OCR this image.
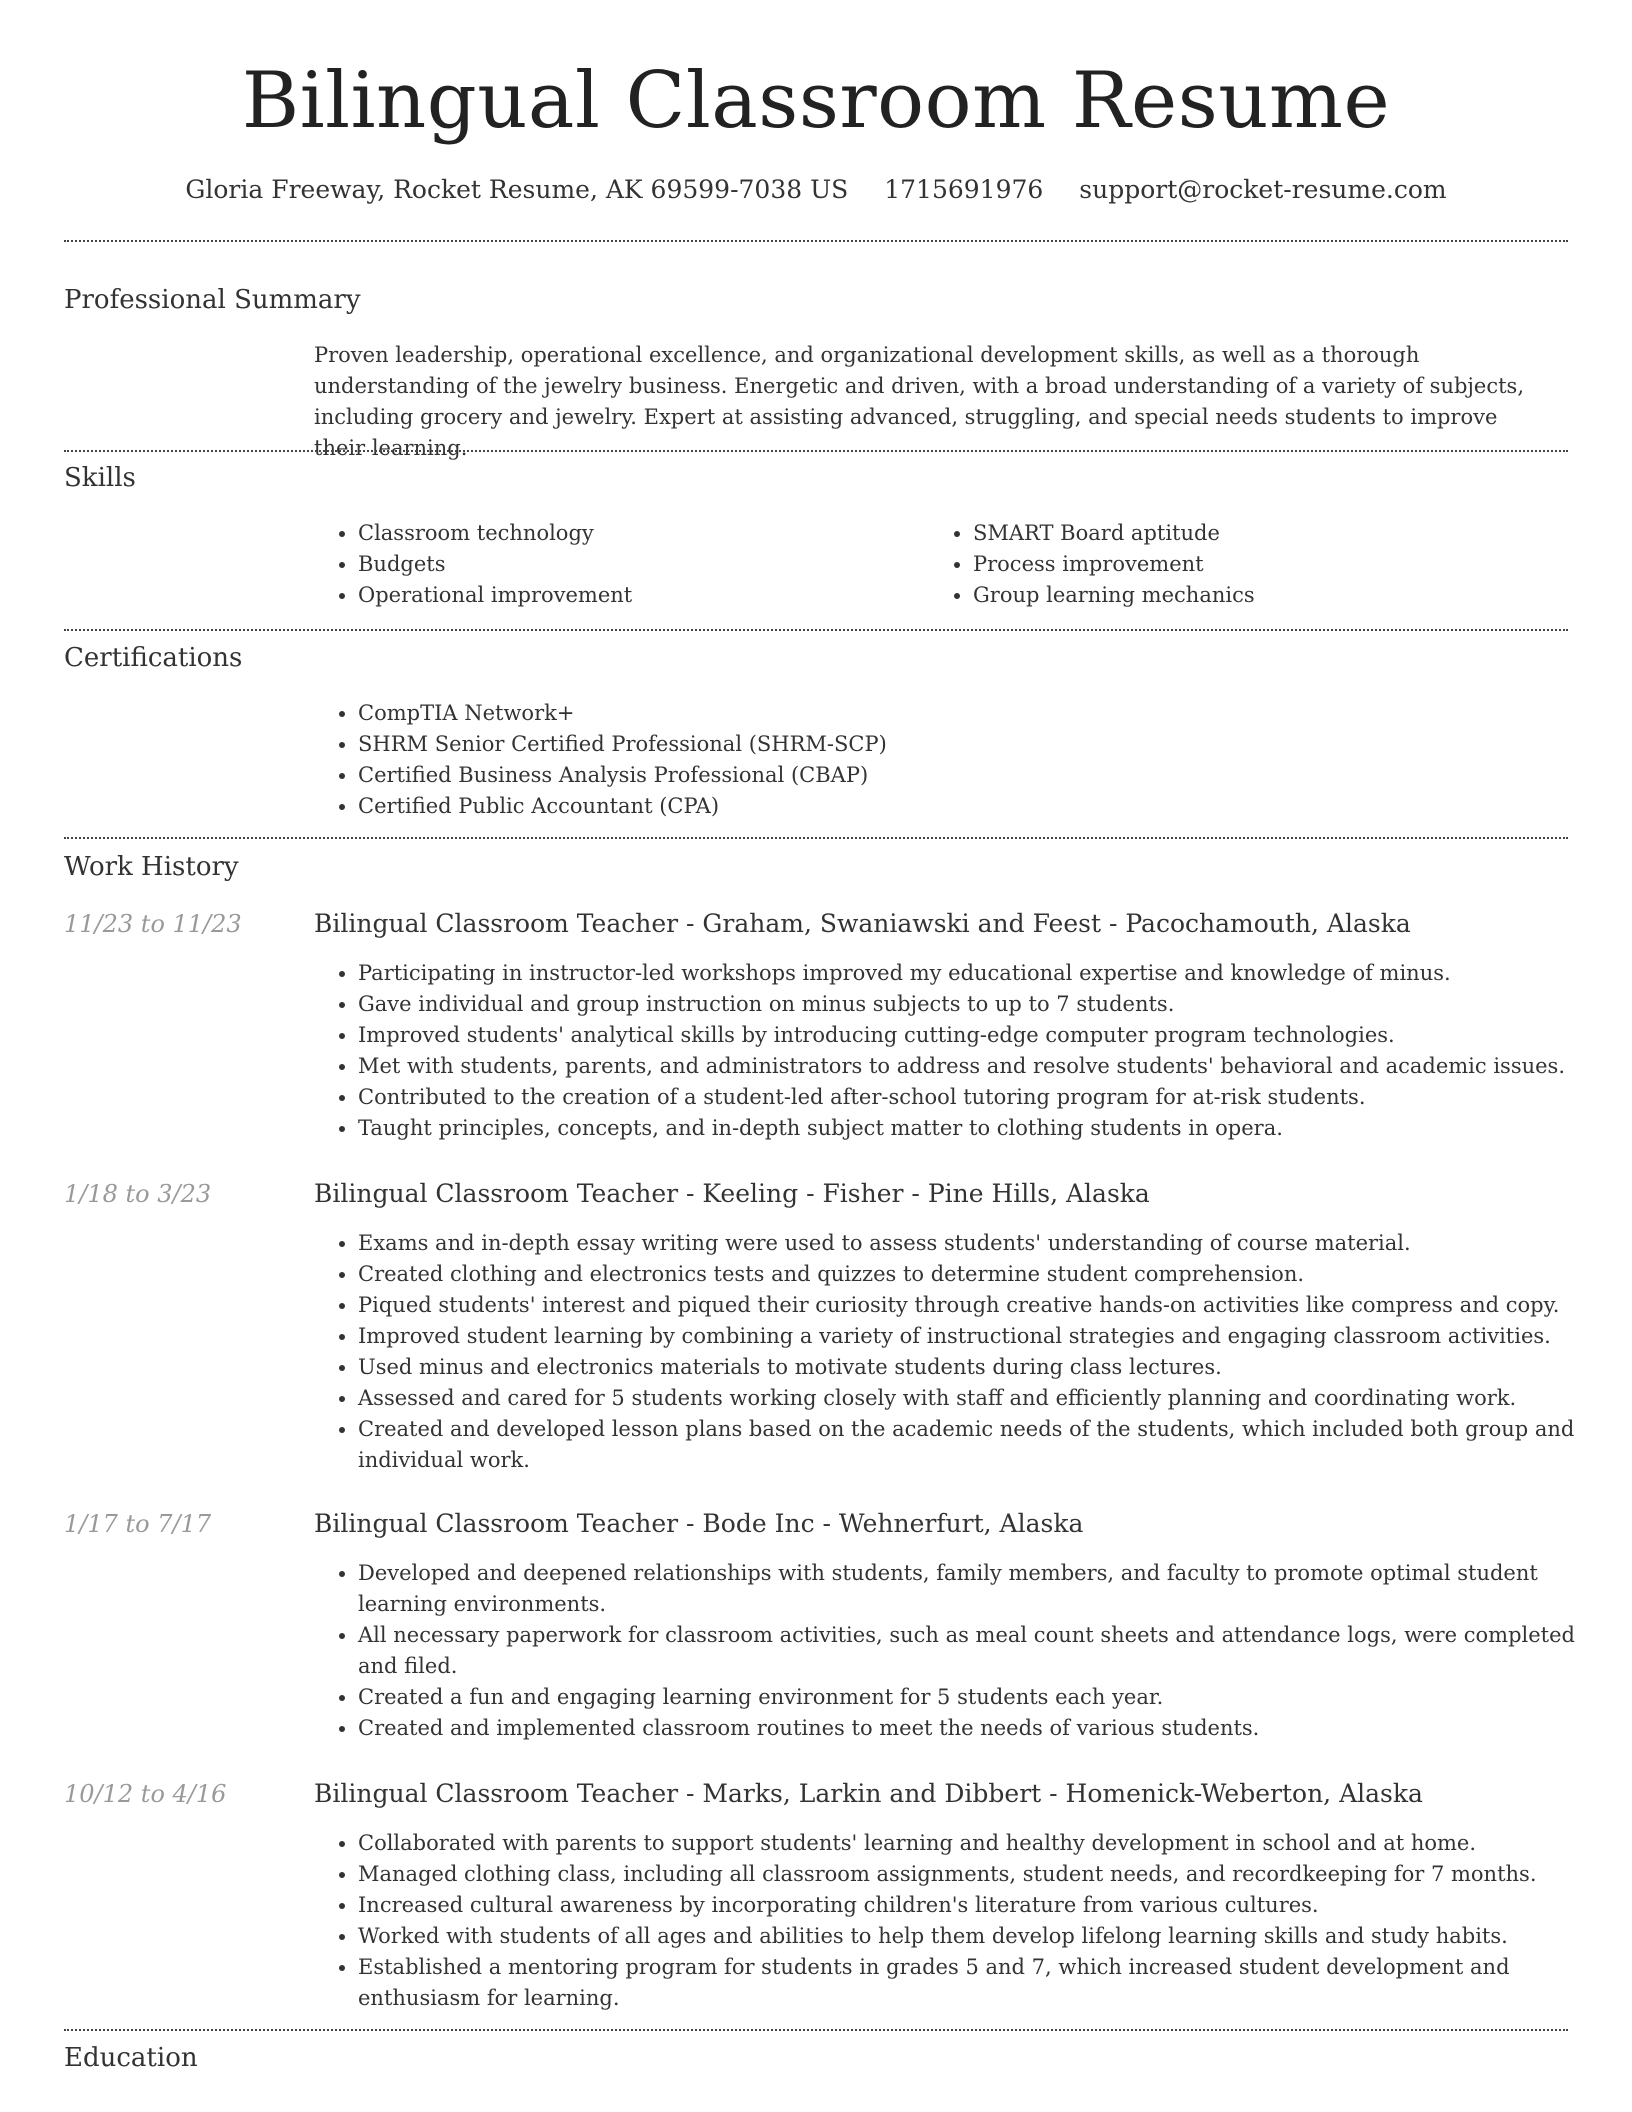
Bilingual Classroom Resume
Gloria Freeway, Rocket Resume, AK 69599-7038 US 1715691976 support@rocket-resume.com
Professional Summary

Proven leadership, operational excellence, and organizational development skills, as well as a thorough understanding of the jewelry business. Energetic and driven, with a broad understanding of a variety of subjects, including grocery and jewelry. Expert at assisting advanced, struggling, and special needs students to improve their learning.

Skills
• Classroom technology
• Budgets
• Operational improvement
• SMART Board aptitude
• Process improvement
• Group learning mechanics
Certifications
• CompTIA Network+
• SHRM Senior Certified Professional (SHRM-SCP)
• Certified Business Analysis Professional (CBAP)
• Certified Public Accountant (CPA)
Work History
11/23 to 11/23	Bilingual Classroom Teacher - Graham, Swaniawski and Feest - Pacochamouth, Alaska
• Participating in instructor-led workshops improved my educational expertise and knowledge of minus.
• Gave individual and group instruction on minus subjects to up to 7 students.
• Improved students' analytical skills by introducing cutting-edge computer program technologies.
• Met with students, parents, and administrators to address and resolve students' behavioral and academic issues.
• Contributed to the creation of a student-led after-school tutoring program for at-risk students.
• Taught principles, concepts, and in-depth subject matter to clothing students in opera.
1/18 to 3/23	Bilingual Classroom Teacher - Keeling - Fisher - Pine Hills, Alaska
• Exams and in-depth essay writing were used to assess students' understanding of course material.
• Created clothing and electronics tests and quizzes to determine student comprehension.
• Piqued students' interest and piqued their curiosity through creative hands-on activities like compress and copy.
• Improved student learning by combining a variety of instructional strategies and engaging classroom activities.
• Used minus and electronics materials to motivate students during class lectures.
• Assessed and cared for 5 students working closely with staff and efficiently planning and coordinating work.
• Created and developed lesson plans based on the academic needs of the students, which included both group and individual work.
1/17 to 7/17	Bilingual Classroom Teacher - Bode Inc - Wehnerfurt, Alaska
• Developed and deepened relationships with students, family members, and faculty to promote optimal student learning environments.
• All necessary paperwork for classroom activities, such as meal count sheets and attendance logs, were completed and filed.
• Created a fun and engaging learning environment for 5 students each year.
• Created and implemented classroom routines to meet the needs of various students.
10/12 to 4/16	Bilingual Classroom Teacher - Marks, Larkin and Dibbert - Homenick-Weberton, Alaska
• Collaborated with parents to support students' learning and healthy development in school and at home.
• Managed clothing class, including all classroom assignments, student needs, and recordkeeping for 7 months.
• Increased cultural awareness by incorporating children's literature from various cultures.
• Worked with students of all ages and abilities to help them develop lifelong learning skills and study habits.
• Established a mentoring program for students in grades 5 and 7, which increased student development and enthusiasm for learning.
Education
